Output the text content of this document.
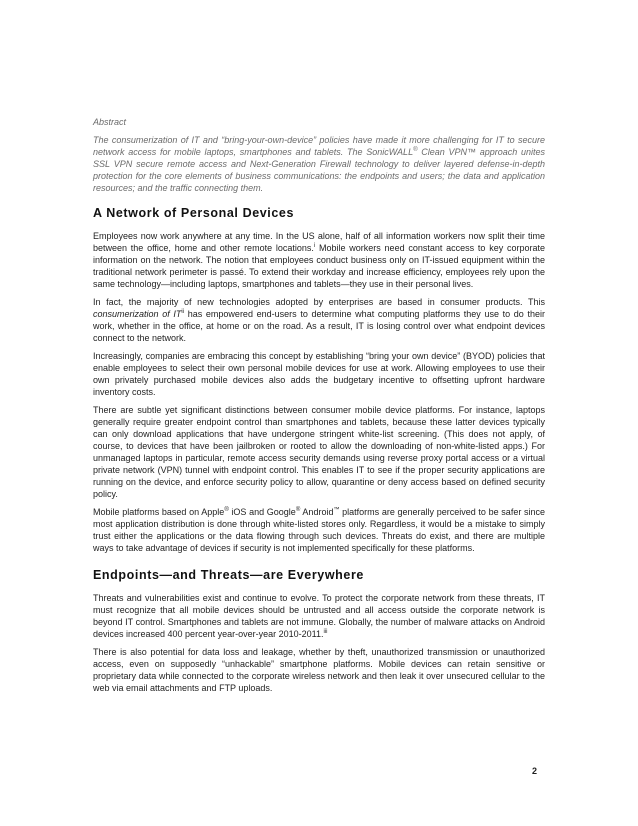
Abstract

The consumerization of IT and “bring-your-own-device” policies have made it more challenging for IT to secure network access for mobile laptops, smartphones and tablets. The SonicWALL® Clean VPN™ approach unites SSL VPN secure remote access and Next-Generation Firewall technology to deliver layered defense-in-depth protection for the core elements of business communications: the endpoints and users; the data and application resources; and the traffic connecting them.

A Network of Personal Devices

Employees now work anywhere at any time. In the US alone, half of all information workers now split their time between the office, home and other remote locations.$^i$ Mobile workers need constant access to key corporate information on the network. The notion that employees conduct business only on IT-issued equipment within the traditional network perimeter is passé. To extend their workday and increase efficiency, employees rely upon the same technology—including laptops, smartphones and tablets—they use in their personal lives.

In fact, the majority of new technologies adopted by enterprises are based in consumer products. This consumerization of IT$^{ii}$ has empowered end-users to determine what computing platforms they use to do their work, whether in the office, at home or on the road. As a result, IT is losing control over what endpoint devices connect to the network.

Increasingly, companies are embracing this concept by establishing “bring your own device” (BYOD) policies that enable employees to select their own personal mobile devices for use at work. Allowing employees to use their own privately purchased mobile devices also adds the budgetary incentive to offsetting upfront hardware inventory costs.

There are subtle yet significant distinctions between consumer mobile device platforms. For instance, laptops generally require greater endpoint control than smartphones and tablets, because these latter devices typically can only download applications that have undergone stringent white-list screening. (This does not apply, of course, to devices that have been jailbroken or rooted to allow the downloading of non-white-listed apps.) For unmanaged laptops in particular, remote access security demands using reverse proxy portal access or a virtual private network (VPN) tunnel with endpoint control. This enables IT to see if the proper security applications are running on the device, and enforce security policy to allow, quarantine or deny access based on defined security policy.

Mobile platforms based on Apple® iOS and Google® Android™ platforms are generally perceived to be safer since most application distribution is done through white-listed stores only. Regardless, it would be a mistake to simply trust either the applications or the data flowing through such devices. Threats do exist, and there are multiple ways to take advantage of devices if security is not implemented specifically for these platforms.

Endpoints—and Threats—are Everywhere

Threats and vulnerabilities exist and continue to evolve. To protect the corporate network from these threats, IT must recognize that all mobile devices should be untrusted and all access outside the corporate network is beyond IT control. Smartphones and tablets are not immune. Globally, the number of malware attacks on Android devices increased 400 percent year-over-year 2010-2011.$^{iii}$

There is also potential for data loss and leakage, whether by theft, unauthorized transmission or unauthorized access, even on supposedly “unhackable” smartphone platforms. Mobile devices can retain sensitive or proprietary data while connected to the corporate wireless network and then leak it over unsecured cellular to the web via email attachments and FTP uploads.

2
